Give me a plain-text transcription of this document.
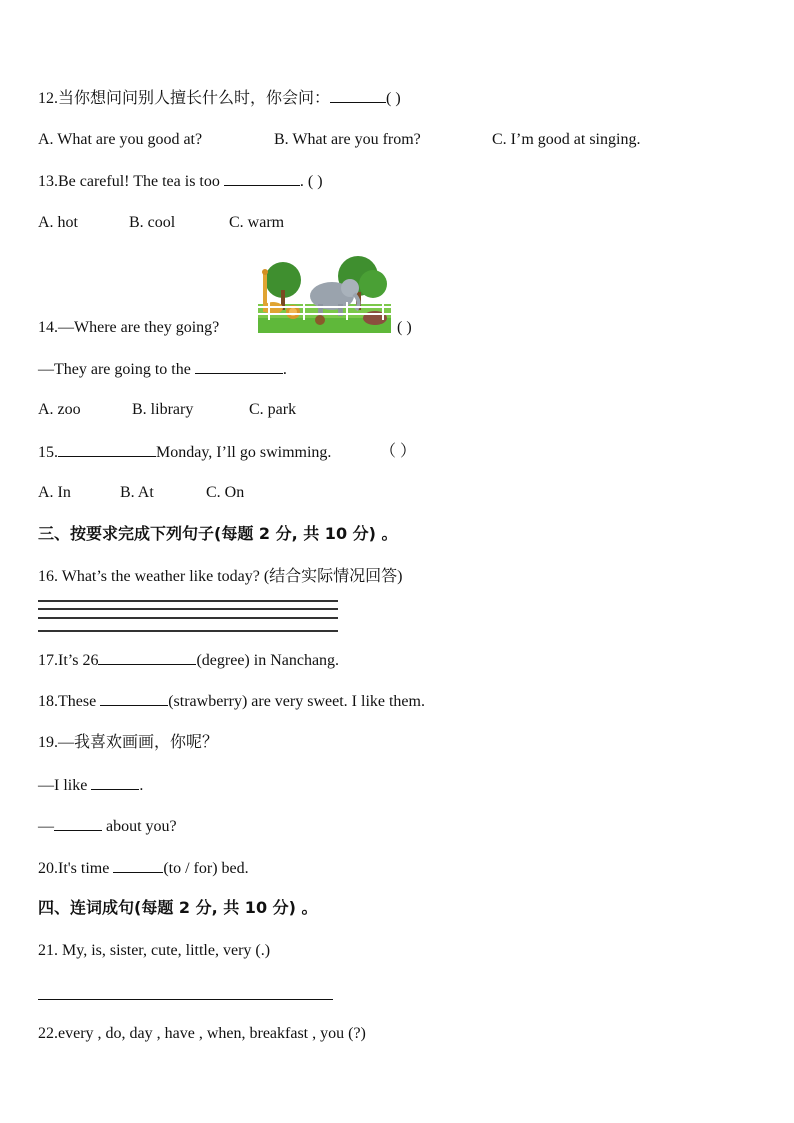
12.当你想问问别人擅长什么时，你会问：	( )
A. What are you good at?	B. What are you from?	C. I’m good at singing.
13.Be careful! The tea is too	. ( )
A. hot	B. cool	C. warm
14.—Where are they going?	( )
—They are going to the	.
A. zoo	B. library	C. park
15.	Monday, I’ll go swimming.	（ ）
A. In	B. At	C. On
三、按要求完成下列句子(每题 2 分, 共 10 分) 。
16. What’s the weather like today? (结合实际情况回答)
17.It’s 26	(degree) in Nanchang.
18.These	(strawberry) are very sweet. I like them.
19.—我喜欢画画，你呢？
—I like	.
—	about you?
20.It's time	(to / for) bed.
四、连词成句(每题 2 分, 共 10 分) 。
21. My, is, sister, cute, little, very (.)
22.every , do, day , have , when, breakfast , you (?)
